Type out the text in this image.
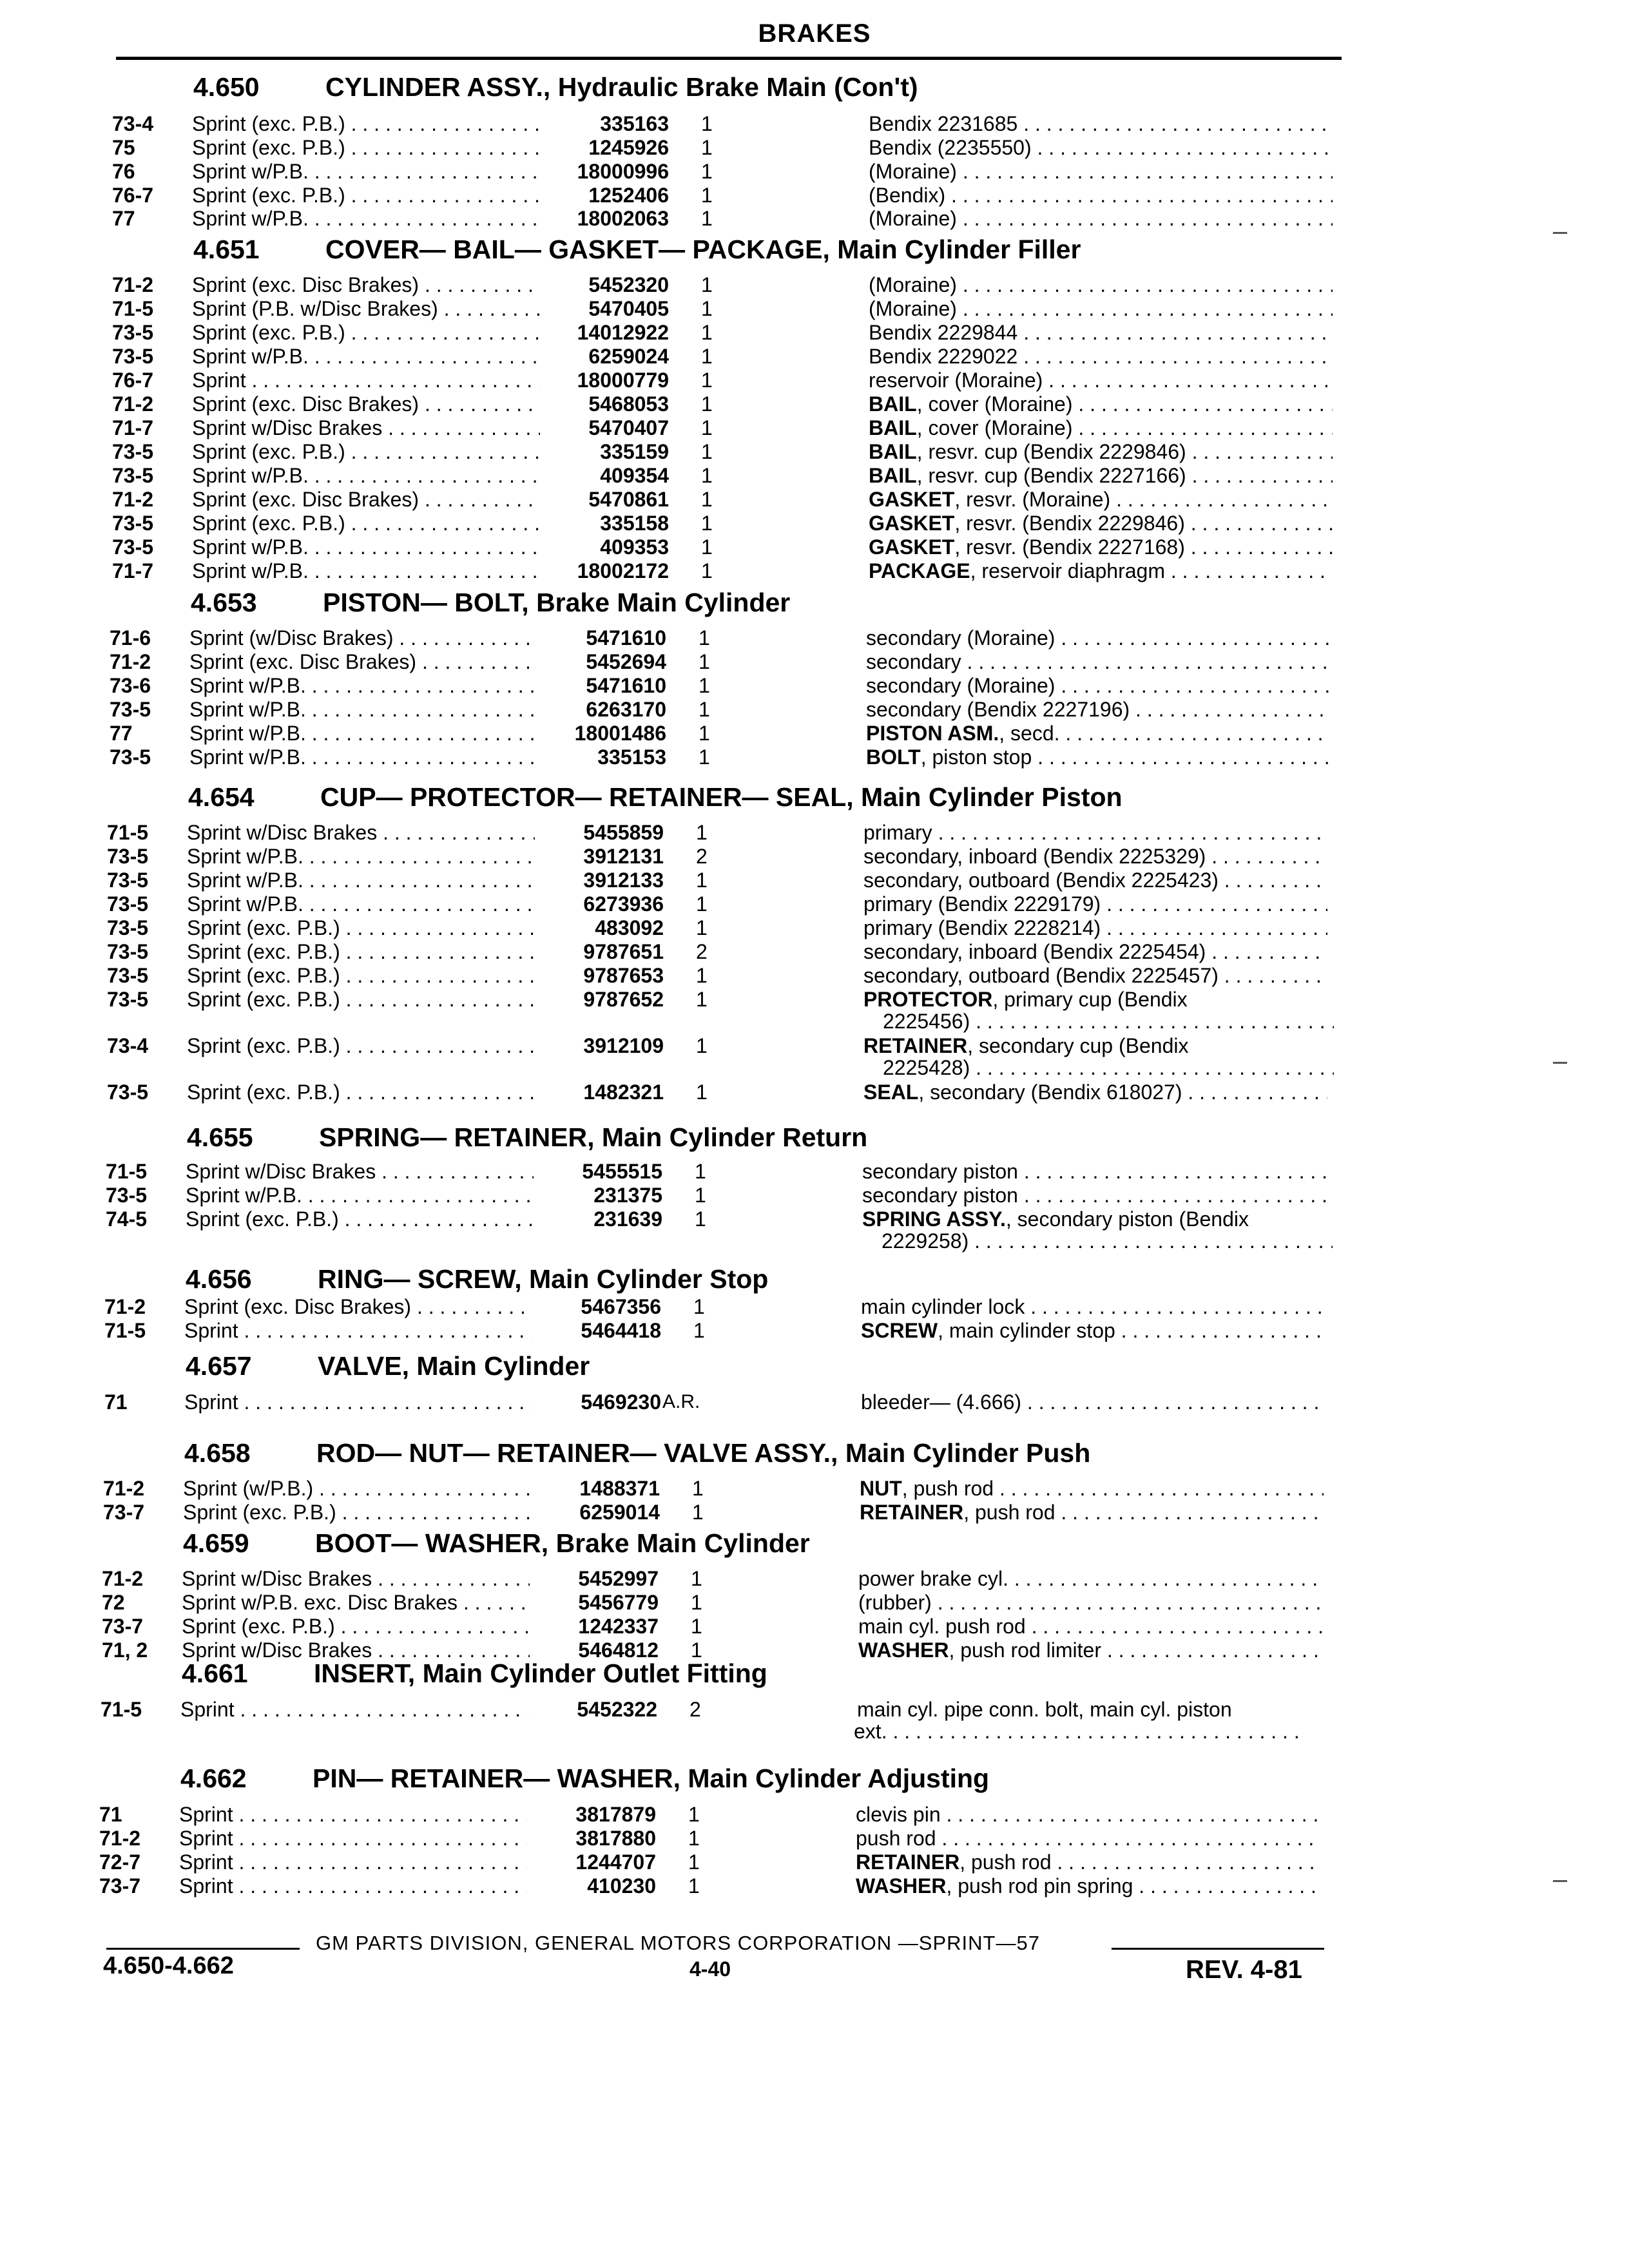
BRAKES
4.650 CYLINDER ASSY., Hydraulic Brake Main (Con't)
73-4	Sprint (exc. P.B.) . . .	335163 1	Bendix 2231685 . . .
75	Sprint (exc. P.B.) . . .	1245926 1	Bendix (2235550) . . .
76	Sprint w/P.B. . . .	18000996 1	(Moraine) . . .
76-7	Sprint (exc. P.B.) . . .	1252406 1	(Bendix) . . .
77	Sprint w/P.B. . . .	18002063 1	(Moraine) . . .
4.651 COVER— BAIL— GASKET— PACKAGE, Main Cylinder Filler
71-2	Sprint (exc. Disc Brakes) . . .	5452320 1	(Moraine) . . .
71-5	Sprint (P.B. w/Disc Brakes) . . .	5470405 1	(Moraine) . . .
73-5	Sprint (exc. P.B.) . . .	14012922 1	Bendix 2229844 . . .
73-5	Sprint w/P.B. . . .	6259024 1	Bendix 2229022 . . .
76-7	Sprint . . .	18000779 1	reservoir (Moraine) . . .
71-2	Sprint (exc. Disc Brakes) . . .	5468053 1	BAIL, cover (Moraine) . . .
71-7	Sprint w/Disc Brakes . . .	5470407 1	BAIL, cover (Moraine) . . .
73-5	Sprint (exc. P.B.) . . .	335159 1	BAIL, resvr. cup (Bendix 2229846) . . .
73-5	Sprint w/P.B. . . .	409354 1	BAIL, resvr. cup (Bendix 2227166) . . .
71-2	Sprint (exc. Disc Brakes) . . .	5470861 1	GASKET, resvr. (Moraine) . . .
73-5	Sprint (exc. P.B.) . . .	335158 1	GASKET, resvr. (Bendix 2229846) . . .
73-5	Sprint w/P.B. . . .	409353 1	GASKET, resvr. (Bendix 2227168) . . .
71-7	Sprint w/P.B. . . .	18002172 1	PACKAGE, reservoir diaphragm . . .
4.653 PISTON— BOLT, Brake Main Cylinder
71-6	Sprint (w/Disc Brakes) . . .	5471610 1	secondary (Moraine) . . .
71-2	Sprint (exc. Disc Brakes) . . .	5452694 1	secondary . . .
73-6	Sprint w/P.B. . . .	5471610 1	secondary (Moraine) . . .
73-5	Sprint w/P.B. . . .	6263170 1	secondary (Bendix 2227196) . . .
77	Sprint w/P.B. . . .	18001486 1	PISTON ASM., secd. . . .
73-5	Sprint w/P.B. . . .	335153 1	BOLT, piston stop . . .
4.654 CUP— PROTECTOR— RETAINER— SEAL, Main Cylinder Piston
71-5	Sprint w/Disc Brakes . . .	5455859 1	primary . . .
73-5	Sprint w/P.B. . . .	3912131 2	secondary, inboard (Bendix 2225329) . . .
73-5	Sprint w/P.B. . . .	3912133 1	secondary, outboard (Bendix 2225423) . . .
73-5	Sprint w/P.B. . . .	6273936 1	primary (Bendix 2229179) . . .
73-5	Sprint (exc. P.B.) . . .	483092 1	primary (Bendix 2228214) . . .
73-5	Sprint (exc. P.B.) . . .	9787651 2	secondary, inboard (Bendix 2225454) . . .
73-5	Sprint (exc. P.B.) . . .	9787653 1	secondary, outboard (Bendix 2225457) . . .
73-5	Sprint (exc. P.B.) . . .	9787652 1	PROTECTOR, primary cup (Bendix
2225456) . . .
73-4	Sprint (exc. P.B.) . . .	3912109 1	RETAINER, secondary cup (Bendix
2225428) . . .
73-5	Sprint (exc. P.B.) . . .	1482321 1	SEAL, secondary (Bendix 618027) . . .
4.655 SPRING— RETAINER, Main Cylinder Return
71-5	Sprint w/Disc Brakes . . .	5455515 1	secondary piston . . .
73-5	Sprint w/P.B. . . .	231375 1	secondary piston . . .
74-5	Sprint (exc. P.B.) . . .	231639 1	SPRING ASSY., secondary piston (Bendix
2229258) . . .
4.656 RING— SCREW, Main Cylinder Stop
71-2	Sprint (exc. Disc Brakes) . . .	5467356 1	main cylinder lock . . .
71-5	Sprint . . .	5464418 1	SCREW, main cylinder stop . . .
4.657 VALVE, Main Cylinder
71	Sprint . . .	5469230 A.R.	bleeder— (4.666) . . .
4.658 ROD— NUT— RETAINER— VALVE ASSY., Main Cylinder Push
71-2	Sprint (w/P.B.) . . .	1488371 1	NUT, push rod . . .
73-7	Sprint (exc. P.B.) . . .	6259014 1	RETAINER, push rod . . .
4.659 BOOT— WASHER, Brake Main Cylinder
71-2	Sprint w/Disc Brakes . . .	5452997 1	power brake cyl. . . .
72	Sprint w/P.B. exc. Disc Brakes . . .	5456779 1	(rubber) . . .
73-7	Sprint (exc. P.B.) . . .	1242337 1	main cyl. push rod . . .
71, 2	Sprint w/Disc Brakes . . .	5464812 1	WASHER, push rod limiter . . .
4.661 INSERT, Main Cylinder Outlet Fitting
71-5	Sprint . . .	5452322 2	main cyl. pipe conn. bolt, main cyl. piston
ext. . . .
4.662 PIN— RETAINER— WASHER, Main Cylinder Adjusting
71	Sprint . . .	3817879 1	clevis pin . . .
71-2	Sprint . . .	3817880 1	push rod . . .
72-7	Sprint . . .	1244707 1	RETAINER, push rod . . .
73-7	Sprint . . .	410230 1	WASHER, push rod pin spring . . .
GM PARTS DIVISION, GENERAL MOTORS CORPORATION —SPRINT—57
4.650-4.662	4-40	REV. 4-81
